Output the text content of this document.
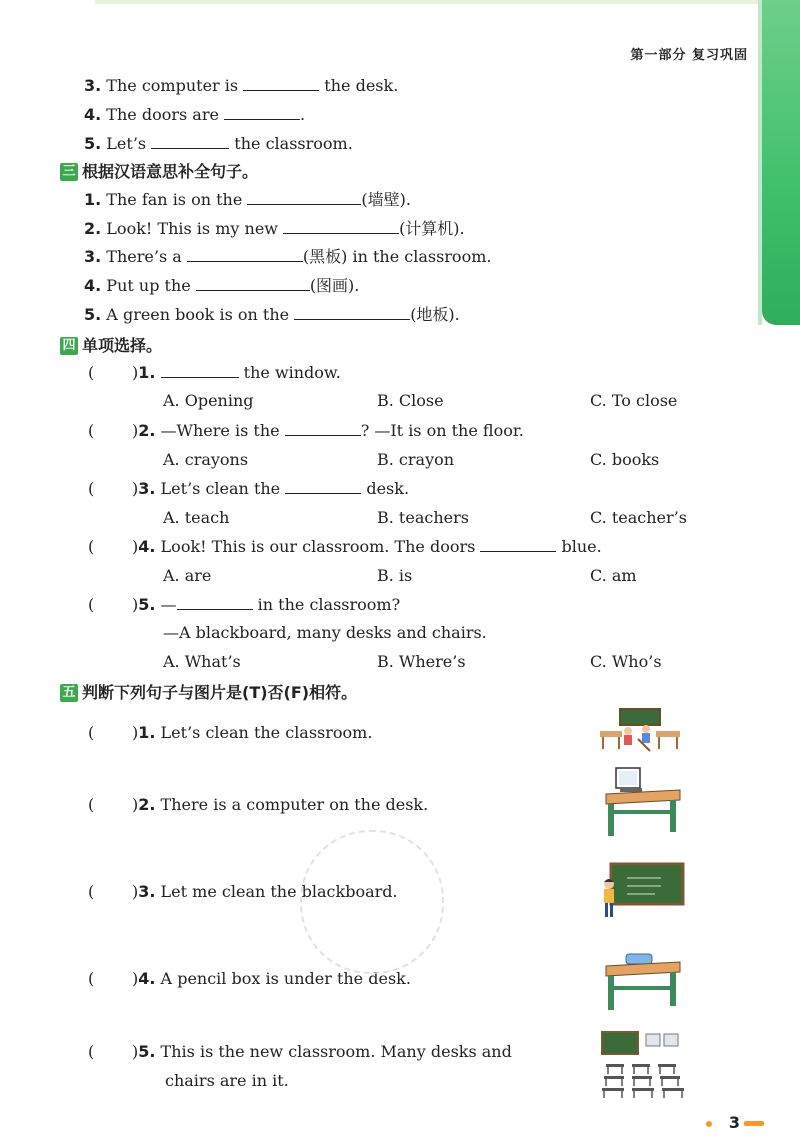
第一部分 复习巩固
3. The computer is	the desk.
4. The doors are	.
5. Let’s	the classroom.
三 根据汉语意思补全句子。
1. The fan is on the	(墙壁).
2. Look! This is my new	(计算机).
3. There’s a	(黑板) in the classroom.
4. Put up the	(图画).
5. A green book is on the	(地板).
四 单项选择。
( )1.	the window.
A. Opening	B. Close	C. To close
( )2. —Where is the	? —It is on the floor.
A. crayons	B. crayon	C. books
( )3. Let’s clean the	desk.
A. teach	B. teachers	C. teacher’s
( )4. Look! This is our classroom. The doors	blue.
A. are	B. is	C. am
( )5. —	in the classroom?
—A blackboard, many desks and chairs.
A. What’s	B. Where’s	C. Who’s
五 判断下列句子与图片是(T)否(F)相符。
( )1. Let’s clean the classroom.
( )2. There is a computer on the desk.
( )3. Let me clean the blackboard.
( )4. A pencil box is under the desk.
( )5. This is the new classroom. Many desks and
chairs are in it.
3
